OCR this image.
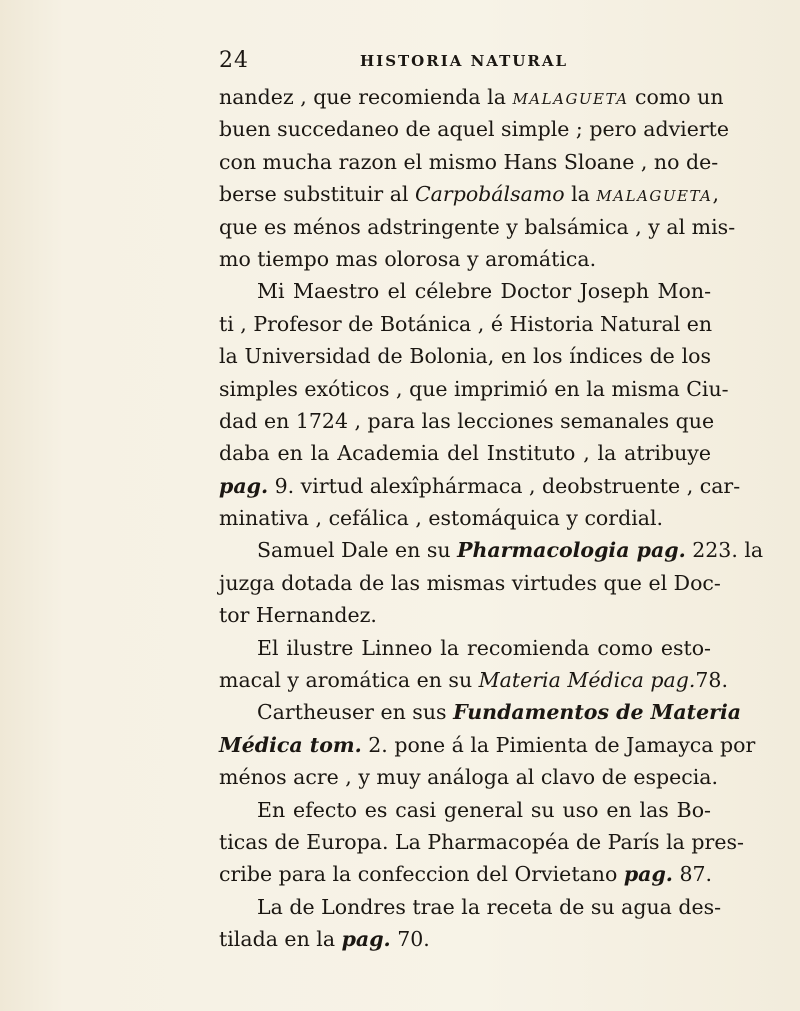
24	HISTORIA NATURAL
nandez , que recomienda la MALAGUETA como un
buen succedaneo de aquel simple ; pero advierte
con mucha razon el mismo Hans Sloane , no de-
berse substituir al Carpobálsamo la MALAGUETA,
que es ménos adstringente y balsámica , y al mis-
mo tiempo mas olorosa y aromática.
Mi Maestro el célebre Doctor Joseph Mon-
ti , Profesor de Botánica , é Historia Natural en
la Universidad de Bolonia, en los índices de los
simples exóticos , que imprimió en la misma Ciu-
dad en 1724 , para las lecciones semanales que
daba en la Academia del Instituto , la atribuye
pag. 9. virtud alexîphármaca , deobstruente , car-
minativa , cefálica , estomáquica y cordial.
Samuel Dale en su Pharmacologia pag. 223. la
juzga dotada de las mismas virtudes que el Doc-
tor Hernandez.
El ilustre Linneo la recomienda como esto-
macal y aromática en su Materia Médica pag.78.
Cartheuser en sus Fundamentos de Materia
Médica tom. 2. pone á la Pimienta de Jamayca por
ménos acre , y muy análoga al clavo de especia.
En efecto es casi general su uso en las Bo-
ticas de Europa. La Pharmacopéa de París la pres-
cribe para la confeccion del Orvietano pag. 87.
La de Londres trae la receta de su agua des-
tilada en la pag. 70.
